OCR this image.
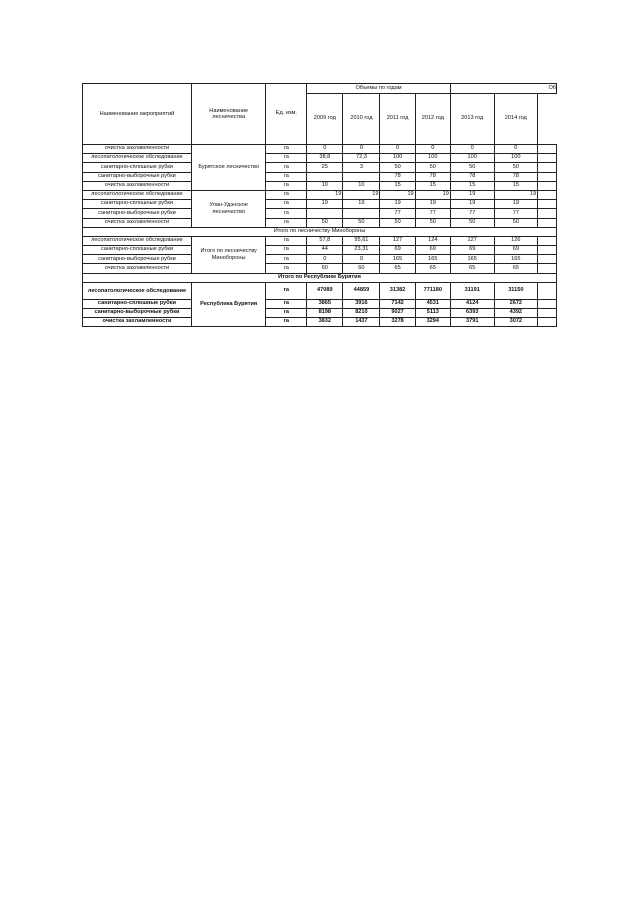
Наименование мероприятий	Наименование лесничества	Ед. изм.	Объемы по годам				Об		
			2009 год	2010 год	2011 год	2012 год	2013 год	2014 год	
очистка захламленности	Бурятское лесничество	га	0	0	0	0	0	0	
лесопатологическое обследование		га	38,8	72,3	100	100	100	100	
санитарно-сплошные рубки		га	25	3	50	50	50	50	
санитарно-выборочные рубки		га			78	78	78	78	
очистка захламленности		га	10	10	15	15	15	15	
лесопатологическое обследование	Улан-Удэнское лесничество	га	19	19	19	19	19	19	
санитарно-сплошные рубки		га	19	19	19	19	19	19	
санитарно-выборочные рубки		га			77	77	77	77	
очистка захламленности		га	50	50	50	50	50	50	
Итого по лесничеству Минобороны									
лесопатологическое обследование	Итого по лесничеству Минобороны	га	57,8	95,61	127	124	127	126	
санитарно-сплошные рубки		га	44	23,31	69	69	69	69	
санитарно-выборочные рубки		га	0	0	165	165	165	165	
очистка захламленности		га	60	60	65	65	65	65	
Итого по Республике Бурятия									
лесопатологическое обследование	Республика Бурятия	га	47089	44859	31382	771180	31191	31150	
санитарно-сплошные рубки		га	3865	3916	7142	4531	4124	2672	
санитарно-выборочные рубки		га	8198	8210	9027	5113	6393	4392	
очистка захламленности		га	3832	1437	3278	3294	3791	3072	
